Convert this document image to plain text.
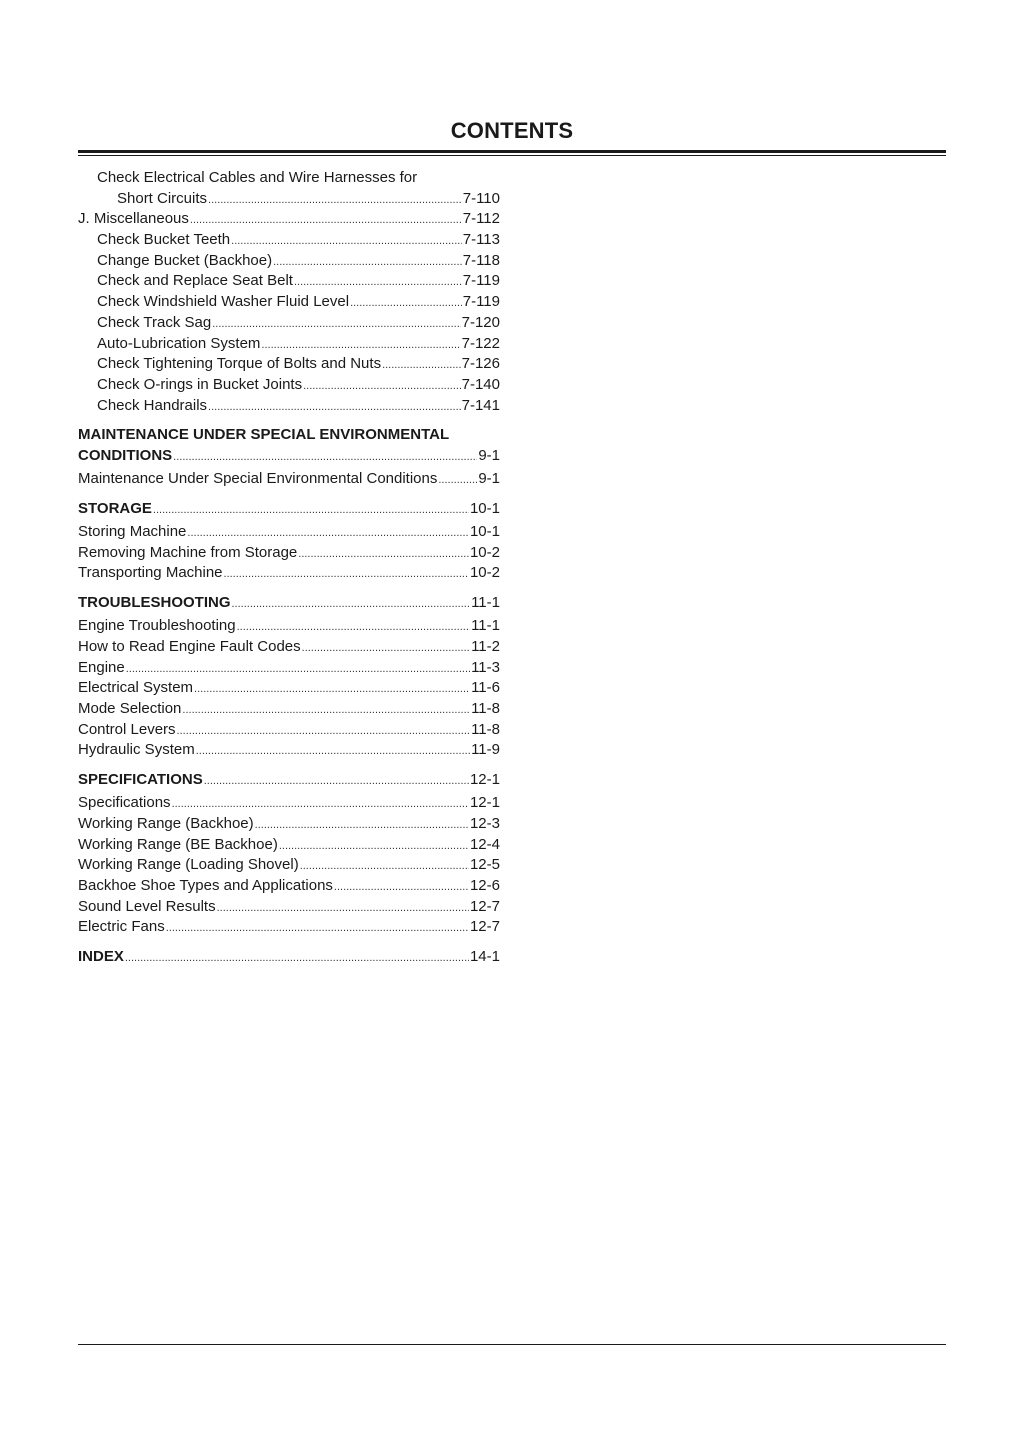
CONTENTS
Check Electrical Cables and Wire Harnesses for
Short Circuits .....	7-110
J. Miscellaneous .....	7-112
Check Bucket Teeth .....	7-113
Change Bucket (Backhoe) .....	7-118
Check and Replace Seat Belt .....	7-119
Check Windshield Washer Fluid Level .....	7-119
Check Track Sag .....	7-120
Auto-Lubrication System .....	7-122
Check Tightening Torque of Bolts and Nuts .....	7-126
Check O-rings in Bucket Joints .....	7-140
Check Handrails .....	7-141
MAINTENANCE UNDER SPECIAL ENVIRONMENTAL
CONDITIONS .....	9-1
Maintenance Under Special Environmental Conditions .....	9-1
STORAGE .....	10-1
Storing Machine .....	10-1
Removing Machine from Storage .....	10-2
Transporting Machine .....	10-2
TROUBLESHOOTING .....	11-1
Engine Troubleshooting .....	11-1
How to Read Engine Fault Codes .....	11-2
Engine .....	11-3
Electrical System .....	11-6
Mode Selection .....	11-8
Control Levers .....	11-8
Hydraulic System .....	11-9
SPECIFICATIONS .....	12-1
Specifications .....	12-1
Working Range (Backhoe) .....	12-3
Working Range (BE Backhoe) .....	12-4
Working Range (Loading Shovel) .....	12-5
Backhoe Shoe Types and Applications .....	12-6
Sound Level Results .....	12-7
Electric Fans .....	12-7
INDEX .....	14-1
